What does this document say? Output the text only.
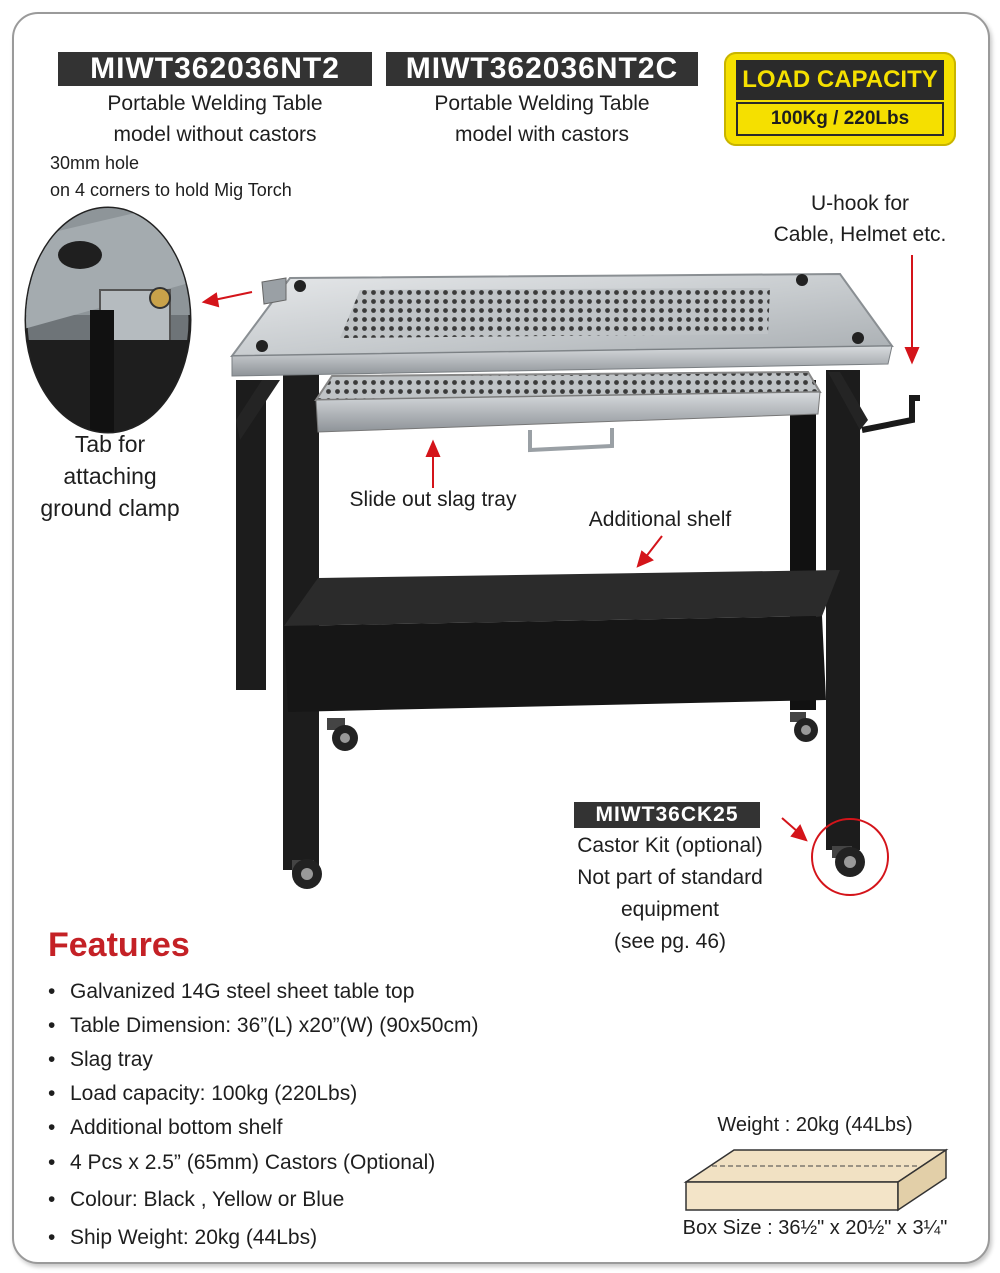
MIWT362036NT2	MIWT362036NT2C
Portable Welding Table
model without castors
Portable Welding Table
model with castors
30mm hole
on 4 corners to hold Mig Torch
LOAD CAPACITY
100Kg / 220Lbs
U-hook for
Cable, Helmet etc.
Tab for
attaching
ground clamp	Slide out slag tray
Additional shelf
MIWT36CK25
Castor Kit (optional)
Not part of standard
equipment
(see pg. 46)
Features
• Galvanized 14G steel sheet table top
• Table Dimension: 36”(L) x20”(W) (90x50cm)
• Slag tray
• Load capacity: 100kg (220Lbs)
• Additional bottom shelf
• 4 Pcs x 2.5” (65mm) Castors (Optional)
• Colour: Black , Yellow or Blue
• Ship Weight: 20kg (44Lbs)
Weight : 20kg (44Lbs)
Box Size : 36½" x 20½" x 3¼"
